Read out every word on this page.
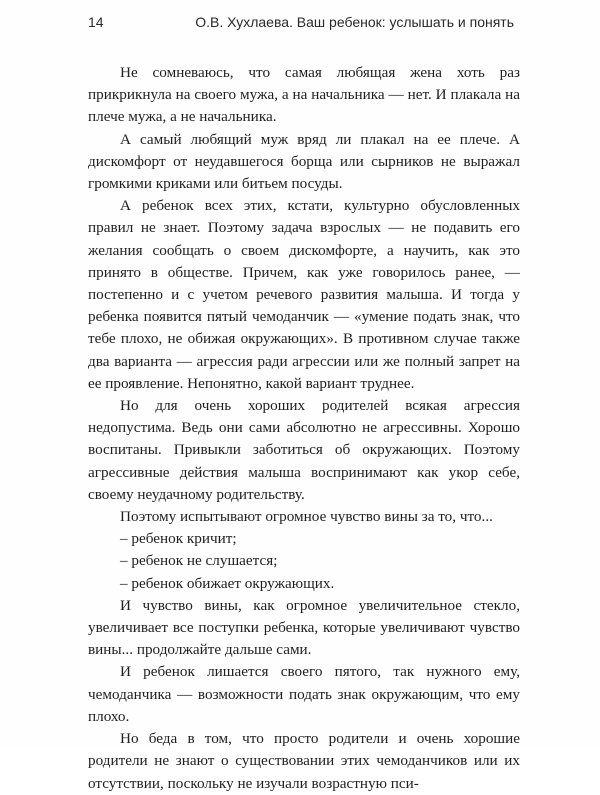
14	О.В. Хухлаева. Ваш ребенок: услышать и понять

Не сомневаюсь, что самая любящая жена хоть раз прикрикнула на своего мужа, а на начальника — нет. И плакала на плече мужа, а не начальника.

А самый любящий муж вряд ли плакал на ее плече. А дискомфорт от неудавшегося борща или сырников не выражал громкими криками или битьем посуды.

А ребенок всех этих, кстати, культурно обусловленных правил не знает. Поэтому задача взрослых — не подавить его желания сообщать о своем дискомфорте, а научить, как это принято в обществе. Причем, как уже говорилось ранее, — постепенно и с учетом речевого развития малыша. И тогда у ребенка появится пятый чемоданчик — «умение подать знак, что тебе плохо, не обижая окружающих». В противном случае также два варианта — агрессия ради агрессии или же полный запрет на ее проявление. Непонятно, какой вариант труднее.

Но для очень хороших родителей всякая агрессия недопустима. Ведь они сами абсолютно не агрессивны. Хорошо воспитаны. Привыкли заботиться об окружающих. Поэтому агрессивные действия малыша воспринимают как укор себе, своему неудачному родительству.

Поэтому испытывают огромное чувство вины за то, что...

– ребенок кричит;

– ребенок не слушается;

– ребенок обижает окружающих.

И чувство вины, как огромное увеличительное стекло, увеличивает все поступки ребенка, которые увеличивают чувство вины... продолжайте дальше сами.

И ребенок лишается своего пятого, так нужного ему, чемоданчика — возможности подать знак окружающим, что ему плохо.

Но беда в том, что просто родители и очень хорошие родители не знают о существовании этих чемоданчиков или их отсутствии, поскольку не изучали возрастную пси-
